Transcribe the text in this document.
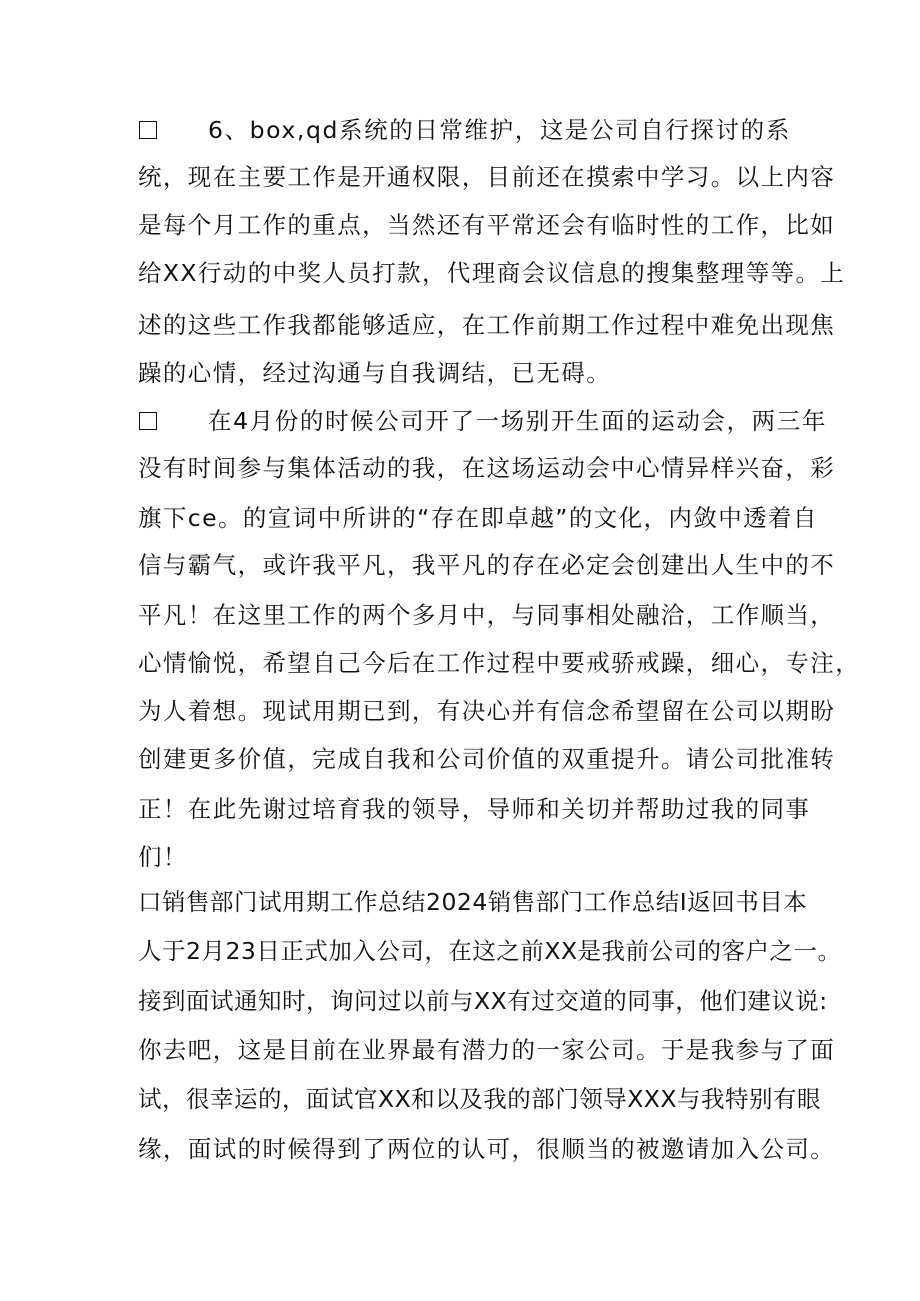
6、box,qd系统的日常维护，这是公司自行探讨的系
统，现在主要工作是开通权限，目前还在摸索中学习。以上内容
是每个月工作的重点，当然还有平常还会有临时性的工作，比如
给XX行动的中奖人员打款，代理商会议信息的搜集整理等等。上
述的这些工作我都能够适应，在工作前期工作过程中难免出现焦
躁的心情，经过沟通与自我调结，已无碍。
在4月份的时候公司开了一场别开生面的运动会，两三年
没有时间参与集体活动的我，在这场运动会中心情异样兴奋，彩
旗下ce。的宣词中所讲的“存在即卓越”的文化，内敛中透着自
信与霸气，或许我平凡，我平凡的存在必定会创建出人生中的不
平凡！在这里工作的两个多月中，与同事相处融洽，工作顺当，
心情愉悦，希望自己今后在工作过程中要戒骄戒躁，细心，专注，
为人着想。现试用期已到，有决心并有信念希望留在公司以期盼
创建更多价值，完成自我和公司价值的双重提升。请公司批准转
正！在此先谢过培育我的领导，导师和关切并帮助过我的同事
们！
口销售部门试用期工作总结2024销售部门工作总结I返回书目本
人于2月23日正式加入公司，在这之前XX是我前公司的客户之一。
接到面试通知时，询问过以前与XX有过交道的同事，他们建议说:
你去吧，这是目前在业界最有潜力的一家公司。于是我参与了面
试，很幸运的，面试官XX和以及我的部门领导XXX与我特别有眼
缘，面试的时候得到了两位的认可，很顺当的被邀请加入公司。
